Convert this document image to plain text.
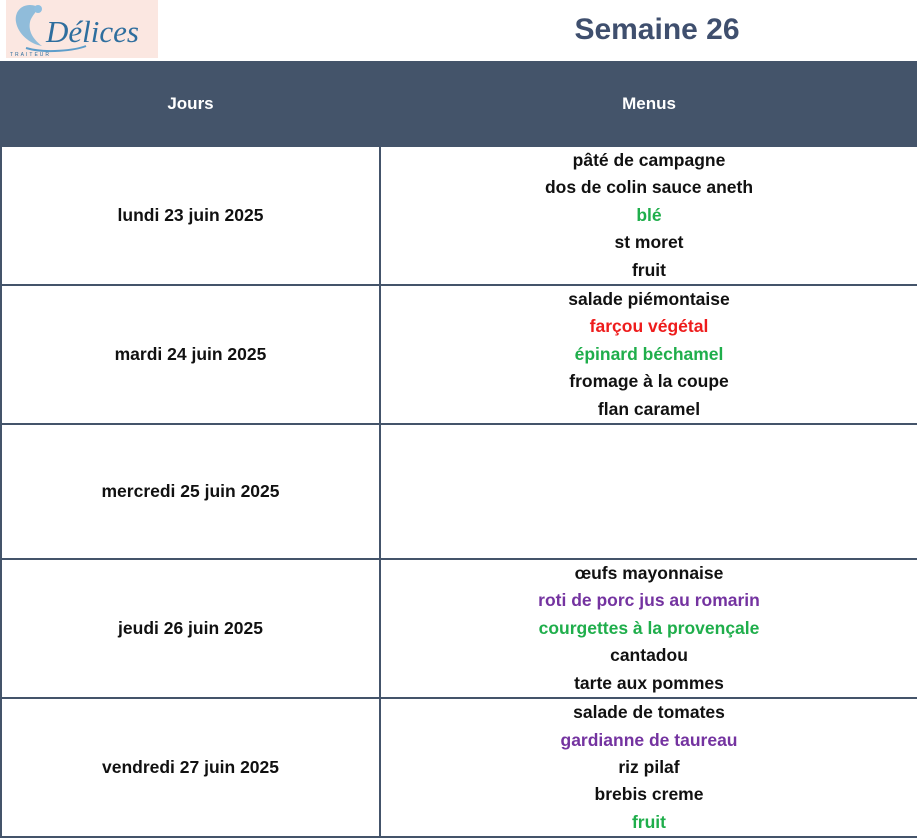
Délices
TRAITEUR
Semaine 26
Jours	Menus
lundi 23 juin 2025	pâté de campagne
dos de colin sauce aneth
blé
st moret
fruit

mardi 24 juin 2025	salade piémontaise
farçou végétal
épinard béchamel
fromage à la coupe
flan caramel

mercredi 25 juin 2025	
jeudi 26 juin 2025	œufs mayonnaise
roti de porc jus au romarin
courgettes à la provençale
cantadou
tarte aux pommes

vendredi 27 juin 2025	salade de tomates
gardianne de taureau
riz pilaf
brebis creme
fruit
